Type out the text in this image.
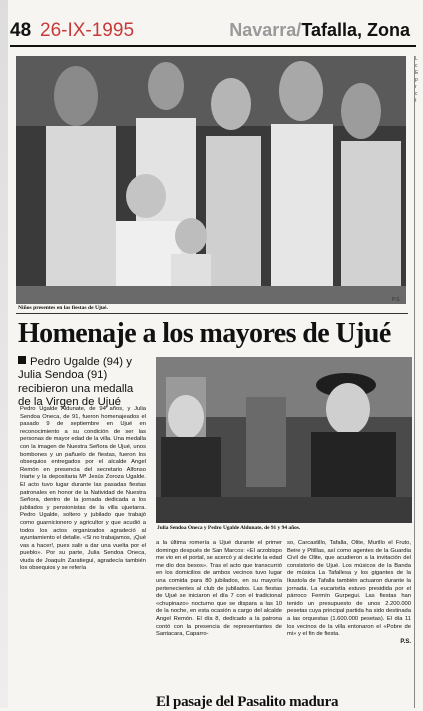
48 26-IX-1995	Navarra/Tafalla, Zona
Niños presentes en las fiestas de Ujué.
P.S.
Homenaje a los mayores de Ujué
Pedro Ugalde (94) y Julia Sendoa (91) recibieron una medalla de la Virgen de Ujué
Julia Sendoa Oneca y Pedro Ugalde Aldunate, de 91 y 94 años.
Pedro Ugalde Aldunate, de 94 años, y Julia Sendoa Oneca, de 91, fueron homenajeados el pasado 9 de septiembre en Ujué en reconocimiento a su condición de ser las personas de mayor edad de la villa. Una medalla con la imagen de Nuestra Señora de Ujué, unos bombones y un pañuelo de fiestas, fueron los obsequios entregados por el alcalde Angel Remón en presencia del secretario Alfonso Iriarte y la depositaria Mª Jesús Zoroza Ugalde. El acto tuvo lugar durante las pasadas fiestas patronales en honor de la Natividad de Nuestra Señora, dentro de la jornada dedicada a los jubilados y pensionistas de la villa ujuetarra. Pedro Ugalde, soltero y jubilado que trabajó como guarnicionero y agricultor y que acudió a todos los actos organizados agradeció al ayuntamiento el detalle. «Si no trabajamos, ¡Qué vas a hacer!, pues salir a dar una vuelta por el pueblo». Por su parte, Julia Sendoa Oneca, viuda de Joaquín Zaratiegui, agradecía también los obsequios y se refería
a la última romería a Ujué durante el primer domingo después de San Marcos: «El arzobispo me vio en el portal, se acercó y al decirle la edad me dio dos besos». Tras el acto que transcurrió en los domicilios de ambos vecinos tuvo lugar una comida para 80 jubilados, en su mayoría pertenecientes al club de jubilados. Las fiestas de Ujué se iniciaron el día 7 con el tradicional «chupinazo» nocturno que se dispara a las 10 de la noche, en esta ocasión a cargo del alcalde Angel Remón. El día 8, dedicado a la patrona contó con la presencia de representantes de Santacara, Caparro-
so, Carcastillo, Tafalla, Olite, Murillo el Fruto, Beire y Pitillas, así como agentes de la Guardia Civil de Olite, que acudieron a la invitación del consistorio de Ujué. Los músicos de la Banda de música La Tafallesa y los gigantes de la Ikastola de Tafalla también actuaron durante la jornada. La eucaristía estuvo presidida por el párroco Fermín Gurpegui. Las fiestas han tenido un presupuesto de unos 2.200.000 pesetas cuya principal partida ha sido destinada a las orquestas (1.600.000 pesetas). El día 11 los vecinos de la villa entonaron el «Pobre de mi» y el fin de fiesta.
P.S.
L
c
E
p
r
c
t
El pasaje del Pasalito madura
